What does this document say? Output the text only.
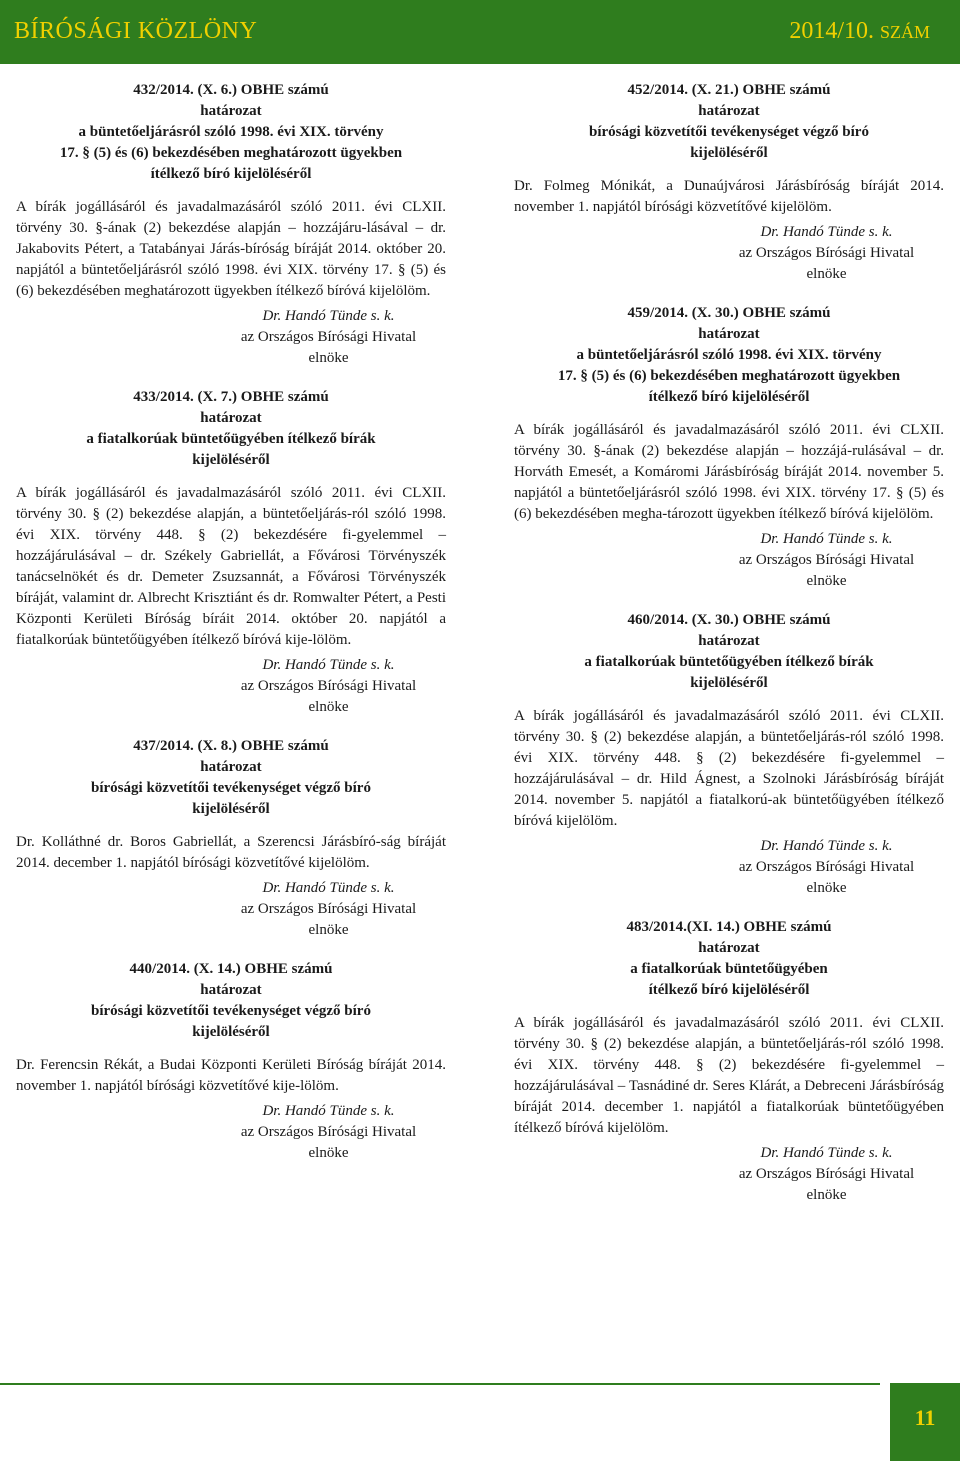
BÍRÓSÁGI KÖZLÖNY	2014/10. SZÁM
432/2014. (X. 6.) OBHE számú
határozat
a büntetőeljárásról szóló 1998. évi XIX. törvény
17. § (5) és (6) bekezdésében meghatározott ügyekben
ítélkező bíró kijelöléséről
A bírák jogállásáról és javadalmazásáról szóló 2011. évi CLXII. törvény 30. §-ának (2) bekezdése alapján – hozzájáru-lásával – dr. Jakabovits Pétert, a Tatabányai Járás-bíróság bíráját 2014. október 20. napjától a büntetőeljárásról szóló 1998. évi XIX. törvény 17. § (5) és (6) bekezdésében meghatározott ügyekben ítélkező bíróvá kijelölöm.
Dr. Handó Tünde s. k.
az Országos Bírósági Hivatal
elnöke
433/2014. (X. 7.) OBHE számú
határozat
a fiatalkorúak büntetőügyében ítélkező bírák
kijelöléséről
A bírák jogállásáról és javadalmazásáról szóló 2011. évi CLXII. törvény 30. § (2) bekezdése alapján, a büntetőeljárás-ról szóló 1998. évi XIX. törvény 448. § (2) bekezdésére fi-gyelemmel – hozzájárulásával – dr. Székely Gabriellát, a Fővárosi Törvényszék tanácselnökét és dr. Demeter Zsuzsannát, a Fővárosi Törvényszék bíráját, valamint dr. Albrecht Krisztiánt és dr. Romwalter Pétert, a Pesti Központi Kerületi Bíróság bíráit 2014. október 20. napjától a fiatalkorúak büntetőügyében ítélkező bíróvá kije-lölöm.
Dr. Handó Tünde s. k.
az Országos Bírósági Hivatal
elnöke
437/2014. (X. 8.) OBHE számú
határozat
bírósági közvetítői tevékenységet végző bíró
kijelöléséről
Dr. Kolláthné dr. Boros Gabriellát, a Szerencsi Járásbíró-ság bíráját 2014. december 1. napjától bírósági közvetítővé kijelölöm.
Dr. Handó Tünde s. k.
az Országos Bírósági Hivatal
elnöke
440/2014. (X. 14.) OBHE számú
határozat
bírósági közvetítői tevékenységet végző bíró
kijelöléséről
Dr. Ferencsin Rékát, a Budai Központi Kerületi Bíróság bíráját 2014. november 1. napjától bírósági közvetítővé kije-lölöm.
Dr. Handó Tünde s. k.
az Országos Bírósági Hivatal
elnöke
452/2014. (X. 21.) OBHE számú
határozat
bírósági közvetítői tevékenységet végző bíró
kijelöléséről
Dr. Folmeg Mónikát, a Dunaújvárosi Járásbíróság bíráját 2014. november 1. napjától bírósági közvetítővé kijelölöm.
Dr. Handó Tünde s. k.
az Országos Bírósági Hivatal
elnöke
459/2014. (X. 30.) OBHE számú
határozat
a büntetőeljárásról szóló 1998. évi XIX. törvény
17. § (5) és (6) bekezdésében meghatározott ügyekben
ítélkező bíró kijelöléséről
A bírák jogállásáról és javadalmazásáról szóló 2011. évi CLXII. törvény 30. §-ának (2) bekezdése alapján – hozzájá-rulásával – dr. Horváth Emesét, a Komáromi Járásbíróság bíráját 2014. november 5. napjától a büntetőeljárásról szóló 1998. évi XIX. törvény 17. § (5) és (6) bekezdésében megha-tározott ügyekben ítélkező bíróvá kijelölöm.
Dr. Handó Tünde s. k.
az Országos Bírósági Hivatal
elnöke
460/2014. (X. 30.) OBHE számú
határozat
a fiatalkorúak büntetőügyében ítélkező bírák
kijelöléséről
A bírák jogállásáról és javadalmazásáról szóló 2011. évi CLXII. törvény 30. § (2) bekezdése alapján, a büntetőeljárás-ról szóló 1998. évi XIX. törvény 448. § (2) bekezdésére fi-gyelemmel – hozzájárulásával – dr. Hild Ágnest, a Szolnoki Járásbíróság bíráját 2014. november 5. napjától a fiatalkorú-ak büntetőügyében ítélkező bíróvá kijelölöm.
Dr. Handó Tünde s. k.
az Országos Bírósági Hivatal
elnöke
483/2014.(XI. 14.) OBHE számú
határozat
a fiatalkorúak büntetőügyében
ítélkező bíró kijelöléséről
A bírák jogállásáról és javadalmazásáról szóló 2011. évi CLXII. törvény 30. § (2) bekezdése alapján, a büntetőeljárás-ról szóló 1998. évi XIX. törvény 448. § (2) bekezdésére fi-gyelemmel – hozzájárulásával – Tasnádiné dr. Seres Klárát, a Debreceni Járásbíróság bíráját 2014. december 1. napjától a fiatalkorúak büntetőügyében ítélkező bíróvá kijelölöm.
Dr. Handó Tünde s. k.
az Országos Bírósági Hivatal
elnöke
11
